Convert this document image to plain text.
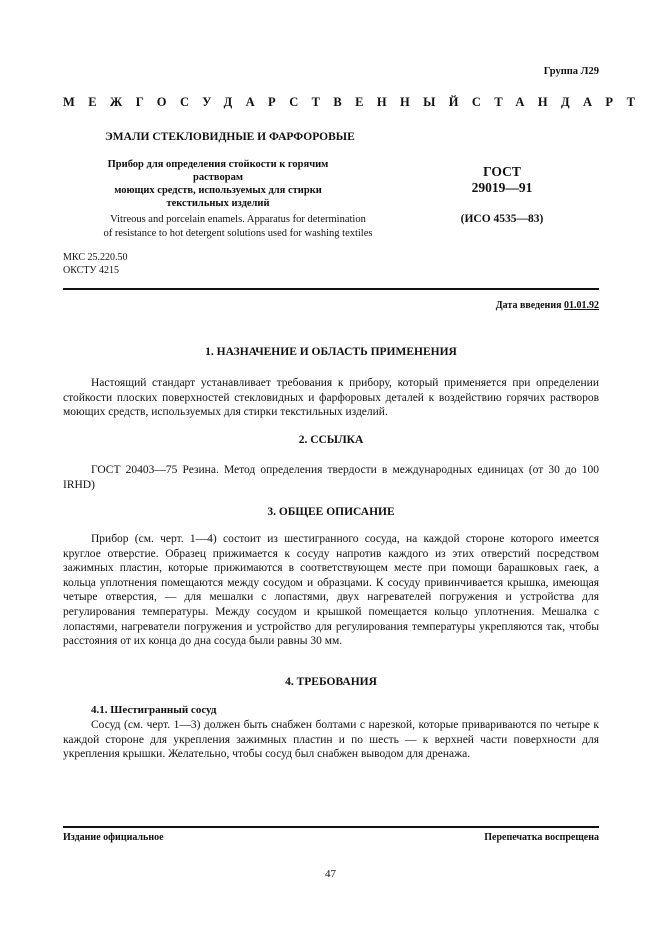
Группа Л29
МЕЖГОСУДАРСТВЕННЫЙ СТАНДАРТ
ЭМАЛИ СТЕКЛОВИДНЫЕ И ФАРФОРОВЫЕ
Прибор для определения стойкости к горячим растворам
моющих средств, используемых для стирки
текстильных изделий
ГОСТ
29019—91
Vitreous and porcelain enamels. Apparatus for determination
of resistance to hot detergent solutions used for washing textiles
(ИСО 4535—83)
МКС 25.220.50
ОКСТУ 4215
Дата введения 01.01.92
1. НАЗНАЧЕНИЕ И ОБЛАСТЬ ПРИМЕНЕНИЯ
Настоящий стандарт устанавливает требования к прибору, который применяется при определении стойкости плоских поверхностей стекловидных и фарфоровых деталей к воздействию горячих растворов моющих средств, используемых для стирки текстильных изделий.
2. ССЫЛКА
ГОСТ 20403—75 Резина. Метод определения твердости в международных единицах (от 30 до 100 IRHD)
3. ОБЩЕЕ ОПИСАНИЕ
Прибор (см. черт. 1—4) состоит из шестигранного сосуда, на каждой стороне которого имеется круглое отверстие. Образец прижимается к сосуду напротив каждого из этих отверстий посредством зажимных пластин, которые прижимаются в соответствующем месте при помощи барашковых гаек, а кольца уплотнения помещаются между сосудом и образцами. К сосуду привинчивается крышка, имеющая четыре отверстия, — для мешалки с лопастями, двух нагревателей погружения и устройства для регулирования температуры. Между сосудом и крышкой помещается кольцо уплотнения. Мешалка с лопастями, нагреватели погружения и устройство для регулирования температуры укрепляются так, чтобы расстояния от их конца до дна сосуда были равны 30 мм.
4. ТРЕБОВАНИЯ
4.1. Шестигранный сосуд
Сосуд (см. черт. 1—3) должен быть снабжен болтами с нарезкой, которые привариваются по четыре к каждой стороне для укрепления зажимных пластин и по шесть — к верхней части поверхности для укрепления крышки. Желательно, чтобы сосуд был снабжен выводом для дренажа.
Издание официальное	Перепечатка воспрещена
47
